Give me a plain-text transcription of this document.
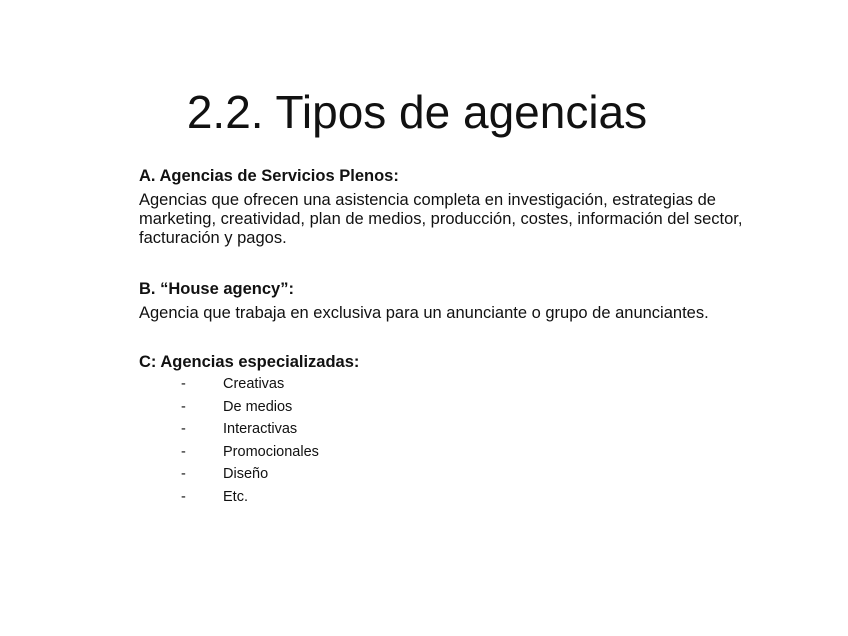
2.2. Tipos de agencias
A. Agencias de Servicios Plenos:

Agencias que ofrecen una asistencia completa en investigación, estrategias de marketing, creatividad, plan de medios, producción, costes, información del sector, facturación y pagos.

B. “House agency”:

Agencia que trabaja en exclusiva para un anunciante o grupo de anunciantes.

C: Agencias especializadas:
-	Creativas
-	De medios
-	Interactivas
-	Promocionales
-	Diseño
-	Etc.
